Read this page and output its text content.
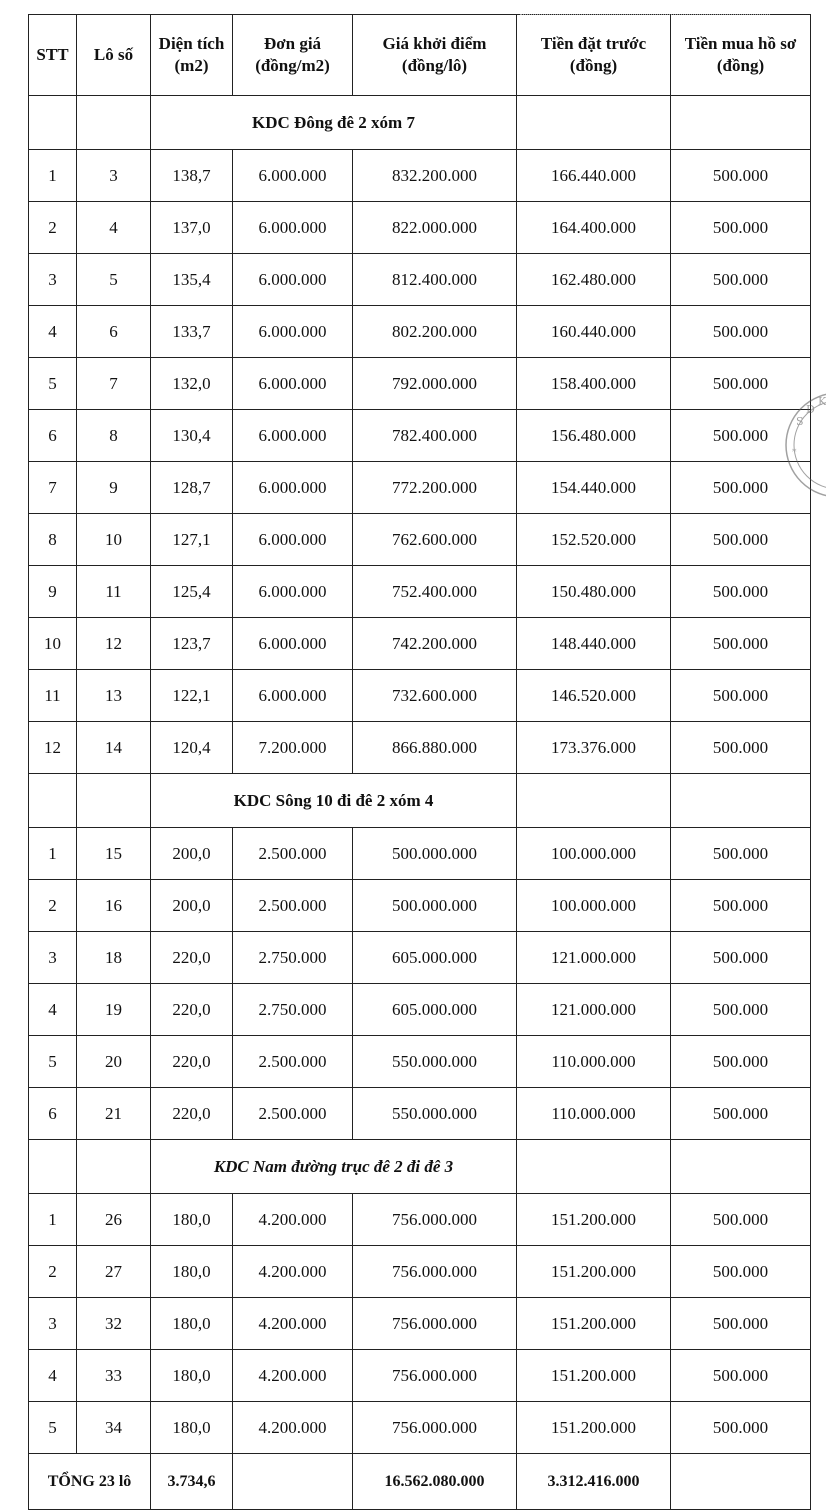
STT	Lô số	Diện tích (m2)	Đơn giá (đồng/m2)	Giá khởi điểm (đồng/lô)	Tiền đặt trước (đồng)	Tiền mua hồ sơ (đồng)
		KDC Đông đê 2 xóm 7				
1	3	138,7	6.000.000	832.200.000	166.440.000	500.000
2	4	137,0	6.000.000	822.000.000	164.400.000	500.000
3	5	135,4	6.000.000	812.400.000	162.480.000	500.000
4	6	133,7	6.000.000	802.200.000	160.440.000	500.000
5	7	132,0	6.000.000	792.000.000	158.400.000	500.000
6	8	130,4	6.000.000	782.400.000	156.480.000	500.000
7	9	128,7	6.000.000	772.200.000	154.440.000	500.000
8	10	127,1	6.000.000	762.600.000	152.520.000	500.000
9	11	125,4	6.000.000	752.400.000	150.480.000	500.000
10	12	123,7	6.000.000	742.200.000	148.440.000	500.000
11	13	122,1	6.000.000	732.600.000	146.520.000	500.000
12	14	120,4	7.200.000	866.880.000	173.376.000	500.000
		KDC Sông 10 đi đê 2 xóm 4				
1	15	200,0	2.500.000	500.000.000	100.000.000	500.000
2	16	200,0	2.500.000	500.000.000	100.000.000	500.000
3	18	220,0	2.750.000	605.000.000	121.000.000	500.000
4	19	220,0	2.750.000	605.000.000	121.000.000	500.000
5	20	220,0	2.500.000	550.000.000	110.000.000	500.000
6	21	220,0	2.500.000	550.000.000	110.000.000	500.000
		KDC Nam đường trục đê 2 đi đê 3				
1	26	180,0	4.200.000	756.000.000	151.200.000	500.000
2	27	180,0	4.200.000	756.000.000	151.200.000	500.000
3	32	180,0	4.200.000	756.000.000	151.200.000	500.000
4	33	180,0	4.200.000	756.000.000	151.200.000	500.000
5	34	180,0	4.200.000	756.000.000	151.200.000	500.000
TỔNG 23 lô		3.734,6		16.562.080.000	3.312.416.000	
S
D
K
*
